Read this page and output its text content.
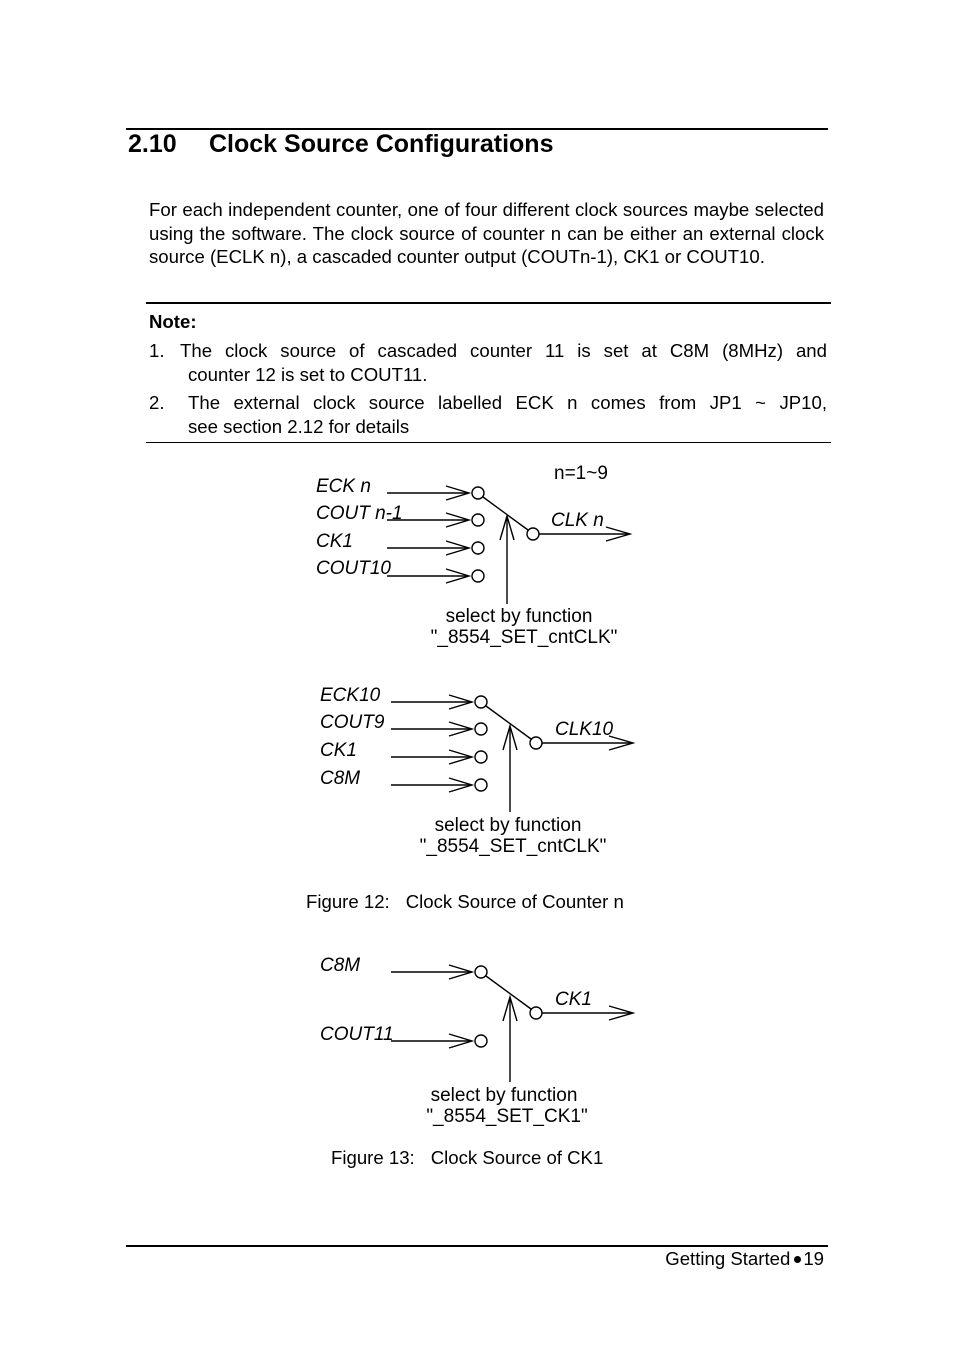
2.10 Clock Source Configurations
For each independent counter, one of four different clock sources maybe selected using the software. The clock source of counter n can be either an external clock source (ECLK n), a cascaded counter output (COUTn-1), CK1 or COUT10.
Note:
1. The clock source of cascaded counter 11 is set at C8M (8MHz) and
counter 12 is set to COUT11.
2. The external clock source labelled ECK n comes from JP1 ~ JP10,
see section 2.12 for details
n=1~9
ECK n
COUT n-1
CK1
COUT10
CLK n
select by function
"_8554_SET_cntCLK"
ECK10
COUT9
CK1
C8M
CLK10
select by function
"_8554_SET_cntCLK"
C8M
COUT11
CK1
select by function
"_8554_SET_CK1"
Figure 12: Clock Source of Counter n
Figure 13: Clock Source of CK1
Getting Started 19
